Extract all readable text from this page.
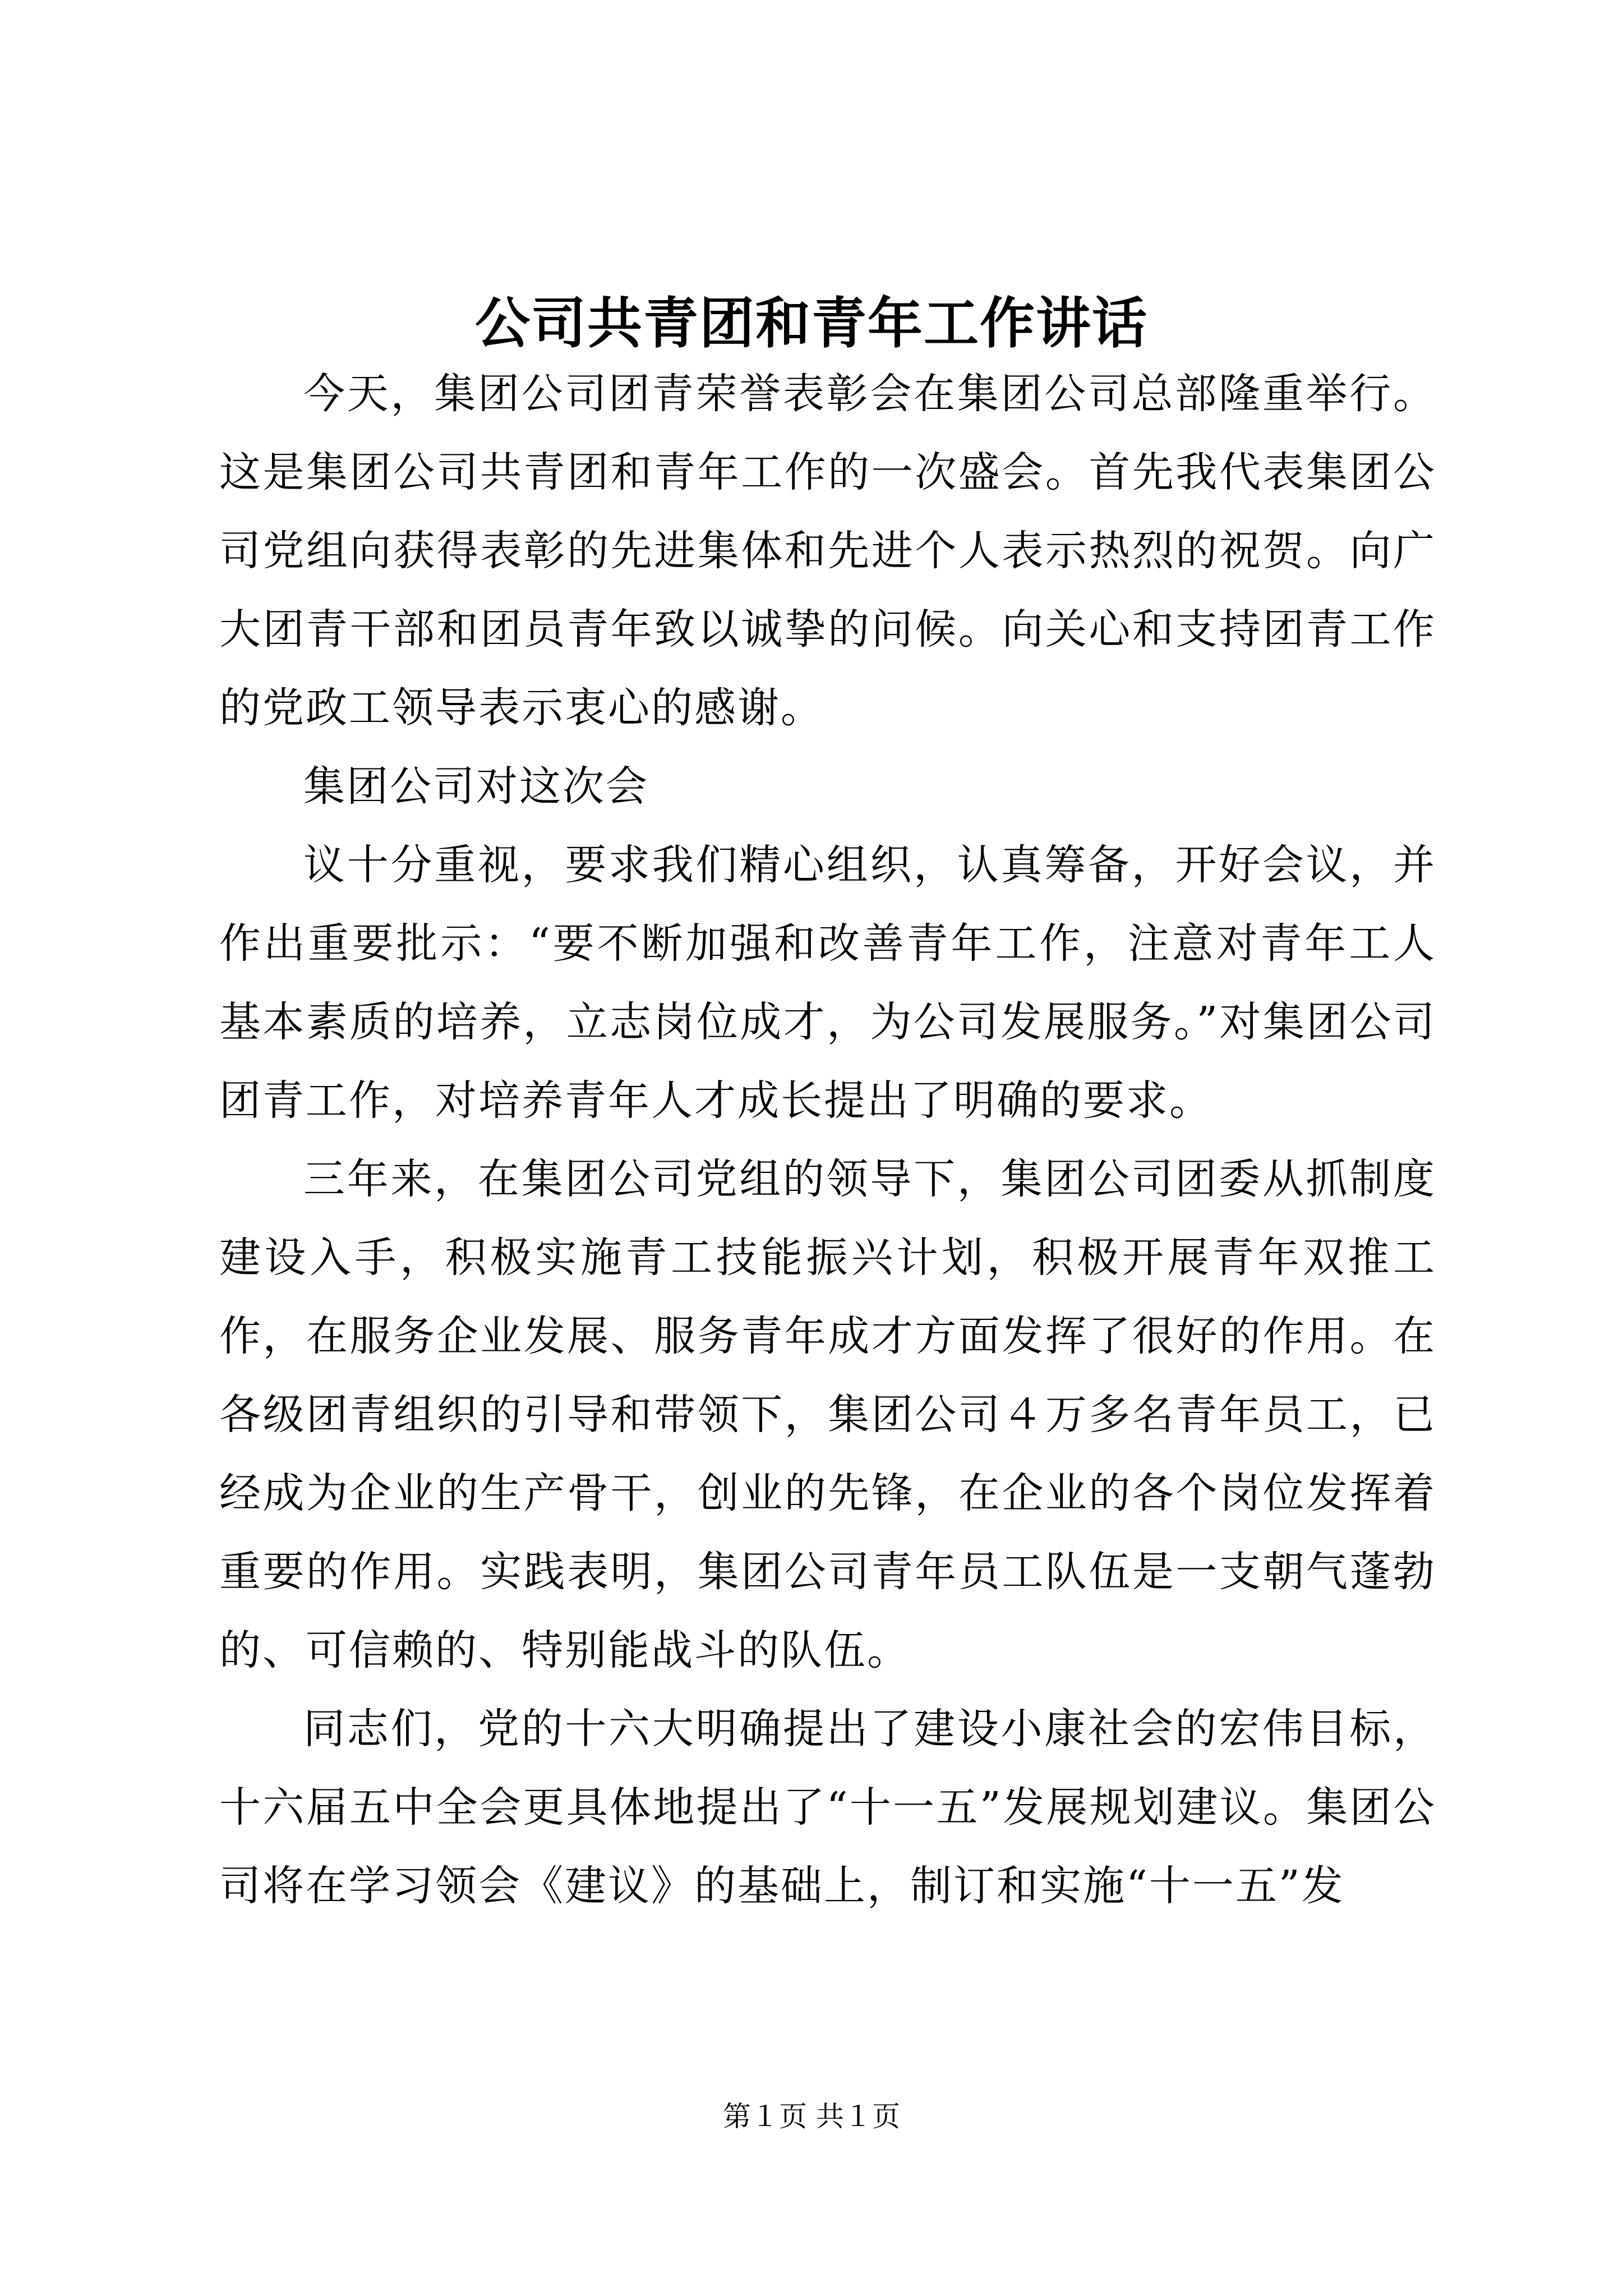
公司共青团和青年工作讲话

今天，集团公司团青荣誉表彰会在集团公司总部隆重举行。这是集团公司共青团和青年工作的一次盛会。首先我代表集团公司党组向获得表彰的先进集体和先进个人表示热烈的祝贺。向广大团青干部和团员青年致以诚挚的问候。向关心和支持团青工作的党政工领导表示衷心的感谢。

集团公司对这次会

议十分重视，要求我们精心组织，认真筹备，开好会议，并作出重要批示：“要不断加强和改善青年工作，注意对青年工人基本素质的培养，立志岗位成才，为公司发展服务。”对集团公司团青工作，对培养青年人才成长提出了明确的要求。

三年来，在集团公司党组的领导下，集团公司团委从抓制度建设入手，积极实施青工技能振兴计划，积极开展青年双推工作，在服务企业发展、服务青年成才方面发挥了很好的作用。在各级团青组织的引导和带领下，集团公司４万多名青年员工，已经成为企业的生产骨干，创业的先锋，在企业的各个岗位发挥着重要的作用。实践表明，集团公司青年员工队伍是一支朝气蓬勃的、可信赖的、特别能战斗的队伍。

同志们，党的十六大明确提出了建设小康社会的宏伟目标，十六届五中全会更具体地提出了“十一五”发展规划建议。集团公司将在学习领会《建议》的基础上，制订和实施“十一五”发

第１页 共１页
